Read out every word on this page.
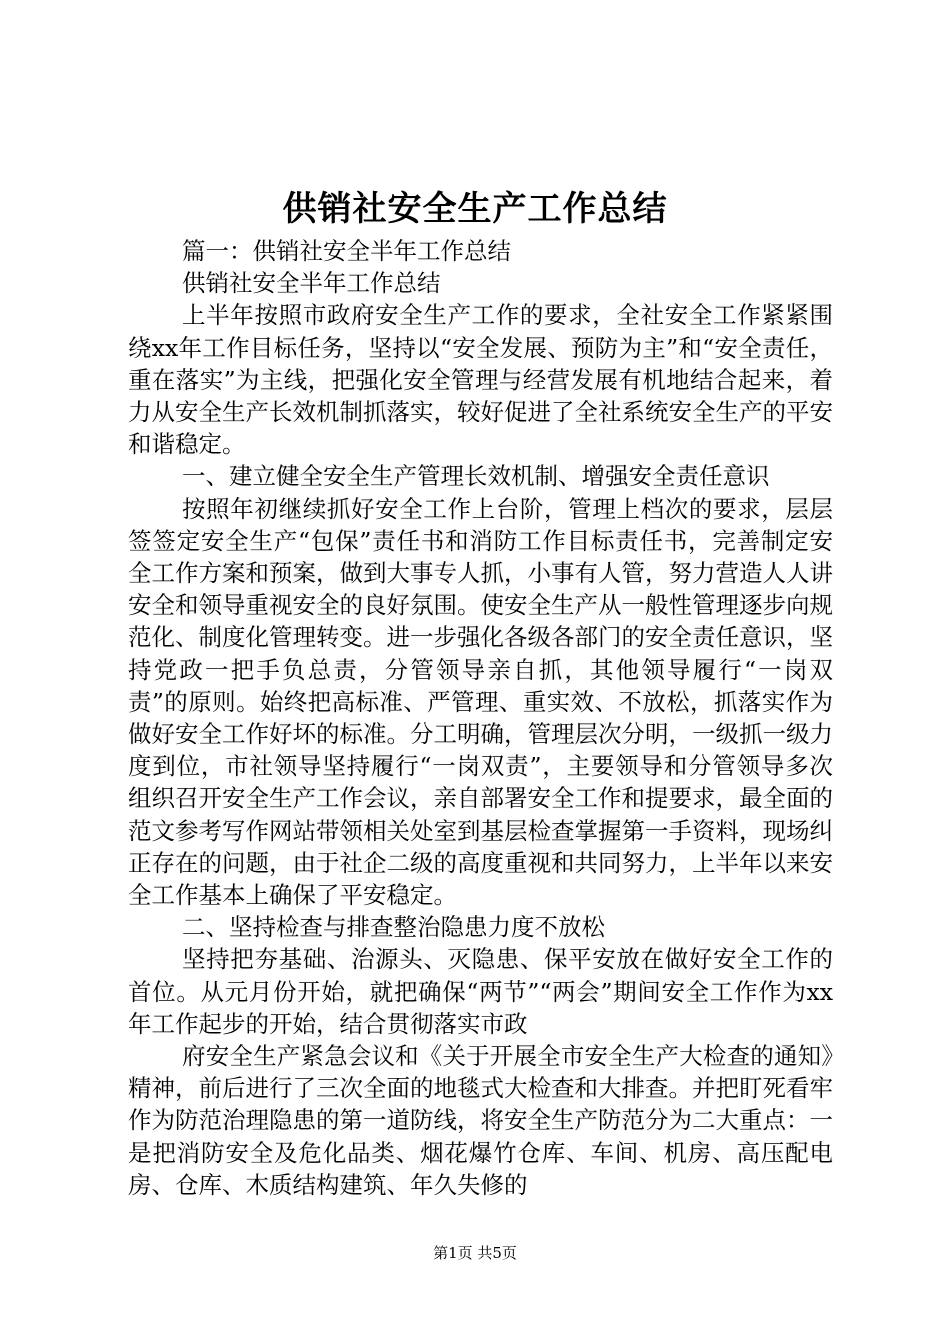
供销社安全生产工作总结

篇一：供销社安全半年工作总结

供销社安全半年工作总结

上半年按照市政府安全生产工作的要求，全社安全工作紧紧围绕xx年工作目标任务，坚持以“安全发展、预防为主”和“安全责任，重在落实”为主线，把强化安全管理与经营发展有机地结合起来，着力从安全生产长效机制抓落实，较好促进了全社系统安全生产的平安和谐稳定。

一、建立健全安全生产管理长效机制、增强安全责任意识

按照年初继续抓好安全工作上台阶，管理上档次的要求，层层签签定安全生产“包保”责任书和消防工作目标责任书，完善制定安全工作方案和预案，做到大事专人抓，小事有人管，努力营造人人讲安全和领导重视安全的良好氛围。使安全生产从一般性管理逐步向规范化、制度化管理转变。进一步强化各级各部门的安全责任意识，坚持党政一把手负总责，分管领导亲自抓，其他领导履行“一岗双责”的原则。始终把高标准、严管理、重实效、不放松，抓落实作为做好安全工作好坏的标准。分工明确，管理层次分明，一级抓一级力度到位，市社领导坚持履行“一岗双责”，主要领导和分管领导多次组织召开安全生产工作会议，亲自部署安全工作和提要求，最全面的范文参考写作网站带领相关处室到基层检查掌握第一手资料，现场纠正存在的问题，由于社企二级的高度重视和共同努力，上半年以来安全工作基本上确保了平安稳定。

二、坚持检查与排查整治隐患力度不放松

坚持把夯基础、治源头、灭隐患、保平安放在做好安全工作的首位。从元月份开始，就把确保“两节”“两会”期间安全工作作为xx年工作起步的开始，结合贯彻落实市政

府安全生产紧急会议和《关于开展全市安全生产大检查的通知》精神，前后进行了三次全面的地毯式大检查和大排查。并把盯死看牢作为防范治理隐患的第一道防线，将安全生产防范分为二大重点：一是把消防安全及危化品类、烟花爆竹仓库、车间、机房、高压配电房、仓库、木质结构建筑、年久失修的

第1页 共5页
